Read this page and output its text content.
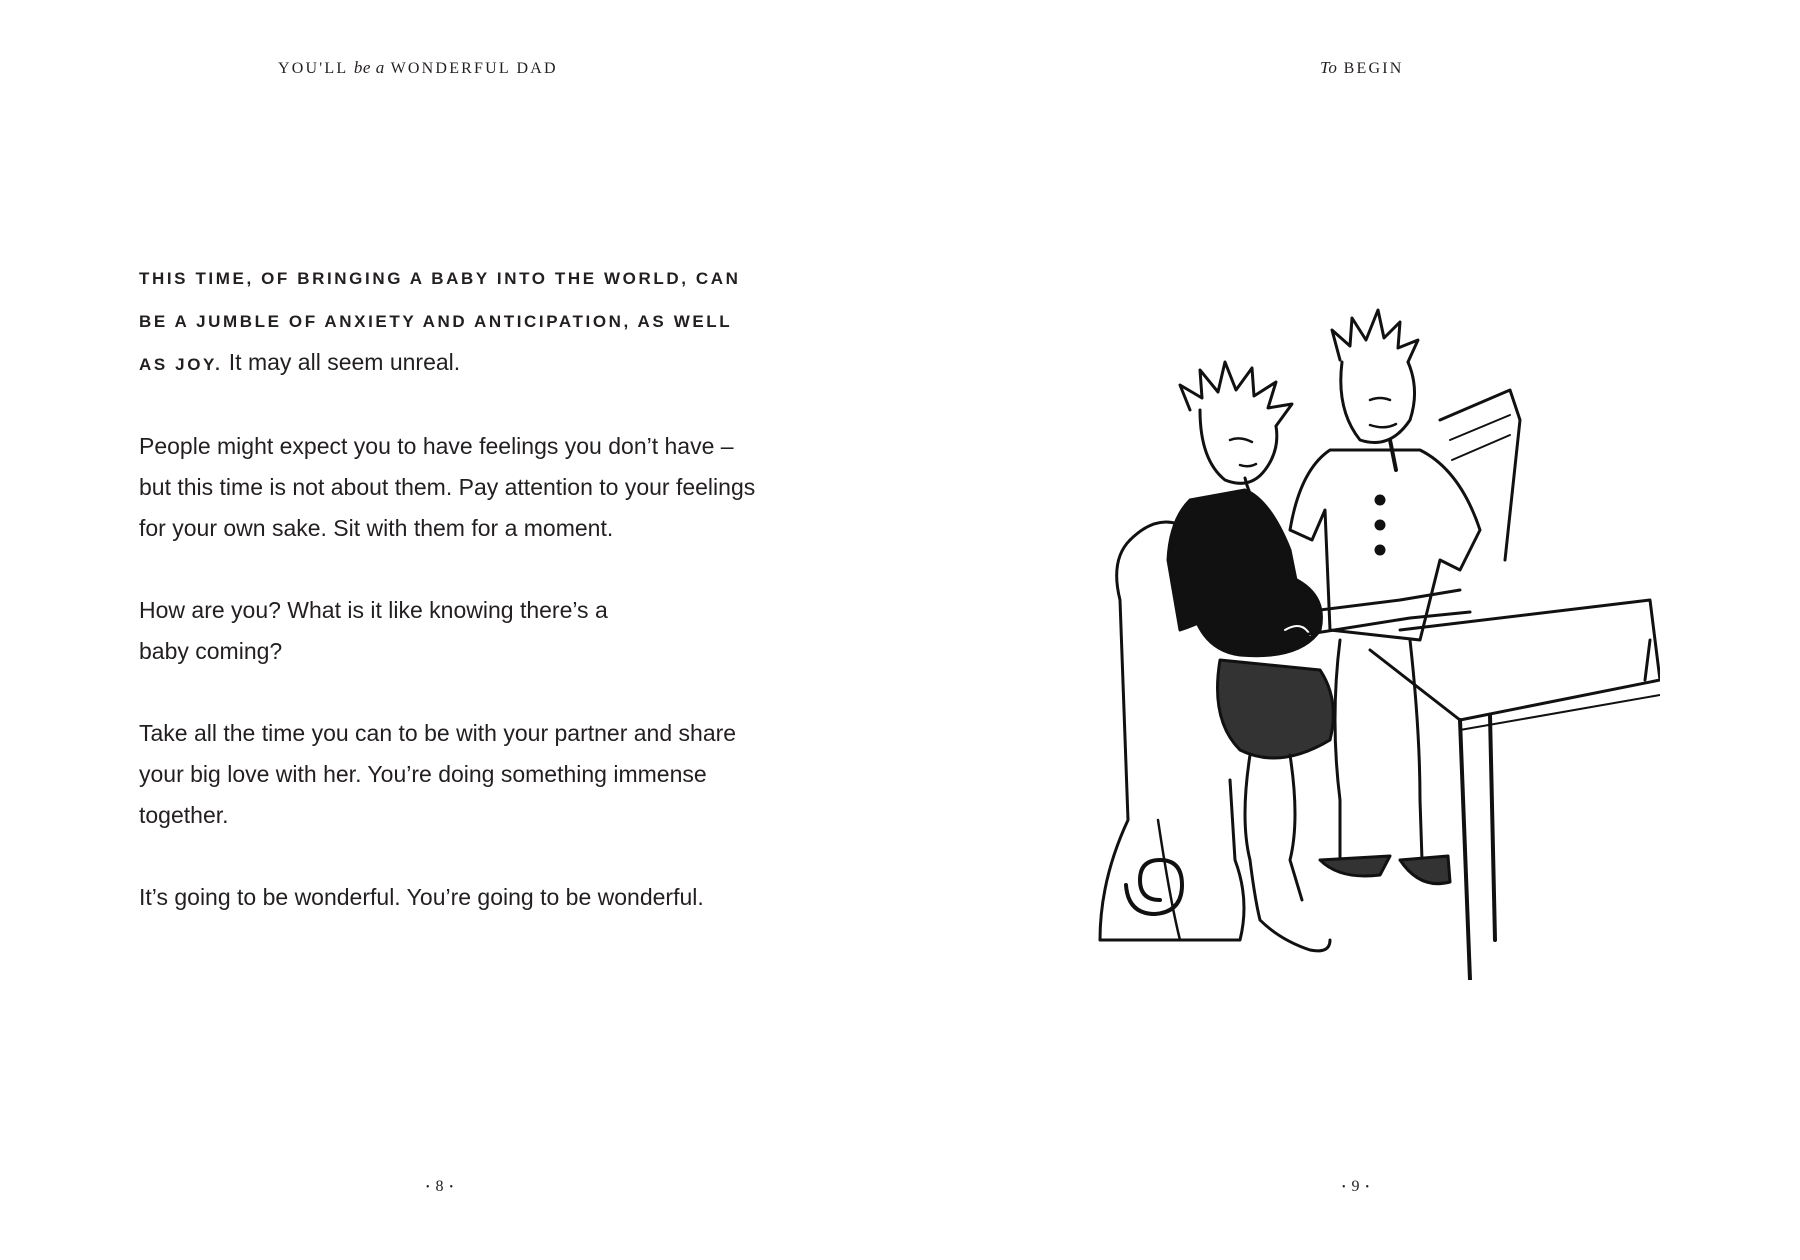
YOU'LL be a WONDERFUL DAD

THIS TIME, OF BRINGING A BABY INTO THE WORLD, CAN BE A JUMBLE OF ANXIETY AND ANTICIPATION, AS WELL AS JOY. It may all seem unreal.

People might expect you to have feelings you don’t have – but this time is not about them. Pay attention to your feelings for your own sake. Sit with them for a moment.

How are you? What is it like knowing there’s a baby coming?

Take all the time you can to be with your partner and share your big love with her. You’re doing something immense together.

It’s going to be wonderful. You’re going to be wonderful.

• 8 •
To BEGIN
• 9 •
